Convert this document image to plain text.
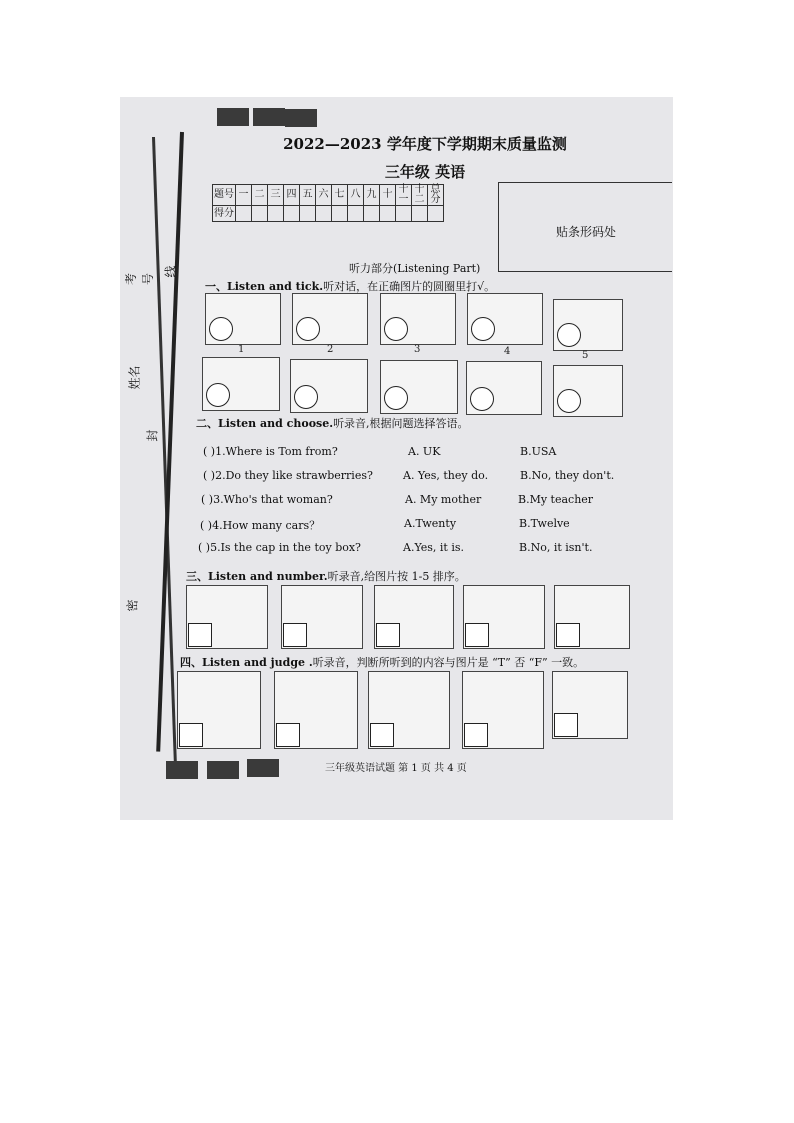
考号
姓名
线
封
密
2022—2023 学年度下学期期末质量监测
三年级 英语
题号	一	二	三	四	五	六	七	八	九	十	十一	十二	总分
得分													
贴条形码处
听力部分(Listening Part)
一、Listen and tick.听对话，在正确图片的圆圈里打√。
1	2	3	4	5
二、Listen and choose.听录音,根据问题选择答语。
( )1.Where is Tom from?	A. UK	B.USA
( )2.Do they like strawberries?	A. Yes, they do.	B.No, they don't.
( )3.Who's that woman?	A. My mother	B.My teacher
( )4.How many cars？	A.Twenty	B.Twelve
( )5.Is the cap in the toy box?	A.Yes, it is.	B.No, it isn't.
三、Listen and number.听录音,给图片按 1-5 排序。
四、Listen and judge .听录音，判断所听到的内容与图片是 “T” 否 “F” 一致。
三年级英语试题 第 1 页 共 4 页
